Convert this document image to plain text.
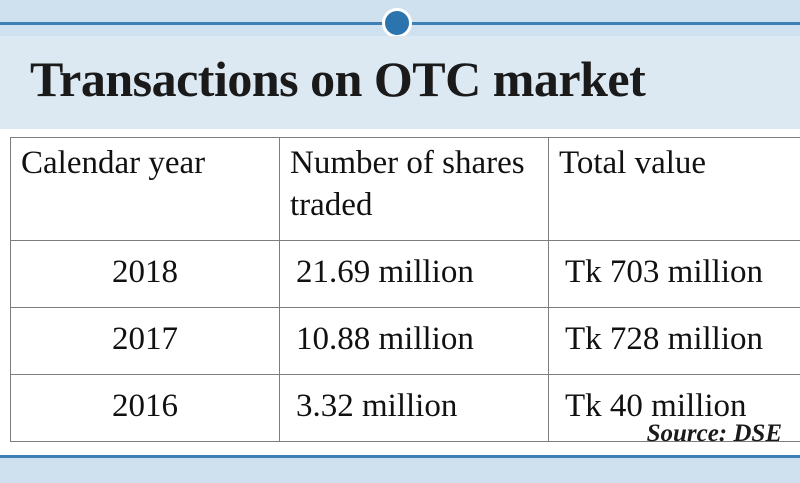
Transactions on OTC market
Calendar year	Number of shares traded	Total value
2018	21.69 million	Tk 703 million
2017	10.88 million	Tk 728 million
2016	3.32 million	Tk 40 million
Source: DSE
